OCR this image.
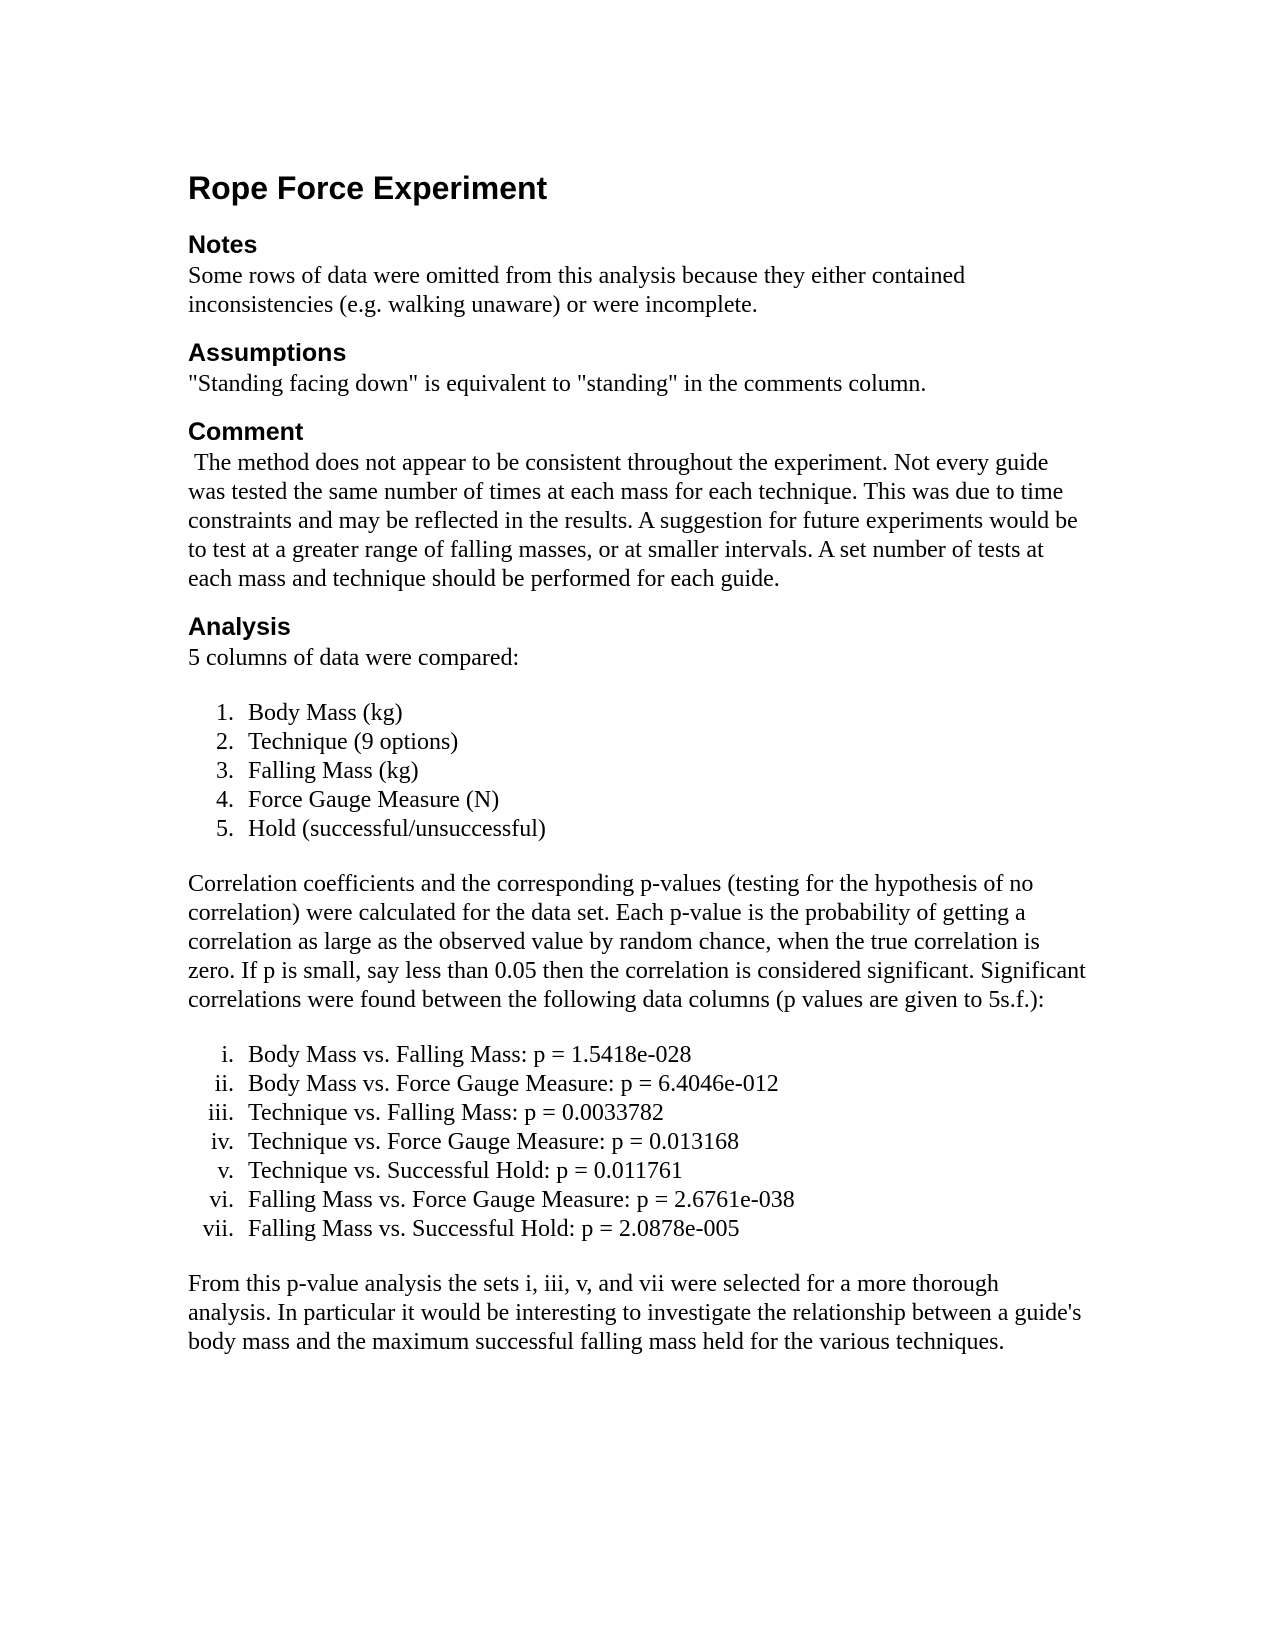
Rope Force Experiment
Notes

Some rows of data were omitted from this analysis because they either contained inconsistencies (e.g. walking unaware) or were incomplete.

Assumptions

"Standing facing down" is equivalent to "standing" in the comments column.

Comment

The method does not appear to be consistent throughout the experiment. Not every guide was tested the same number of times at each mass for each technique. This was due to time constraints and may be reflected in the results. A suggestion for future experiments would be to test at a greater range of falling masses, or at smaller intervals. A set number of tests at each mass and technique should be performed for each guide.

Analysis

5 columns of data were compared:

1. Body Mass (kg)
2. Technique (9 options)
3. Falling Mass (kg)
4. Force Gauge Measure (N)
5. Hold (successful/unsuccessful)

Correlation coefficients and the corresponding p-values (testing for the hypothesis of no correlation) were calculated for the data set. Each p-value is the probability of getting a correlation as large as the observed value by random chance, when the true correlation is zero. If p is small, say less than 0.05 then the correlation is considered significant. Significant correlations were found between the following data columns (p values are given to 5s.f.):

i. Body Mass vs. Falling Mass: p = 1.5418e-028
ii. Body Mass vs. Force Gauge Measure: p = 6.4046e-012
iii. Technique vs. Falling Mass: p = 0.0033782
iv. Technique vs. Force Gauge Measure: p = 0.013168
v. Technique vs. Successful Hold: p = 0.011761
vi. Falling Mass vs. Force Gauge Measure: p = 2.6761e-038
vii. Falling Mass vs. Successful Hold: p = 2.0878e-005

From this p-value analysis the sets i, iii, v, and vii were selected for a more thorough analysis. In particular it would be interesting to investigate the relationship between a guide's body mass and the maximum successful falling mass held for the various techniques.
